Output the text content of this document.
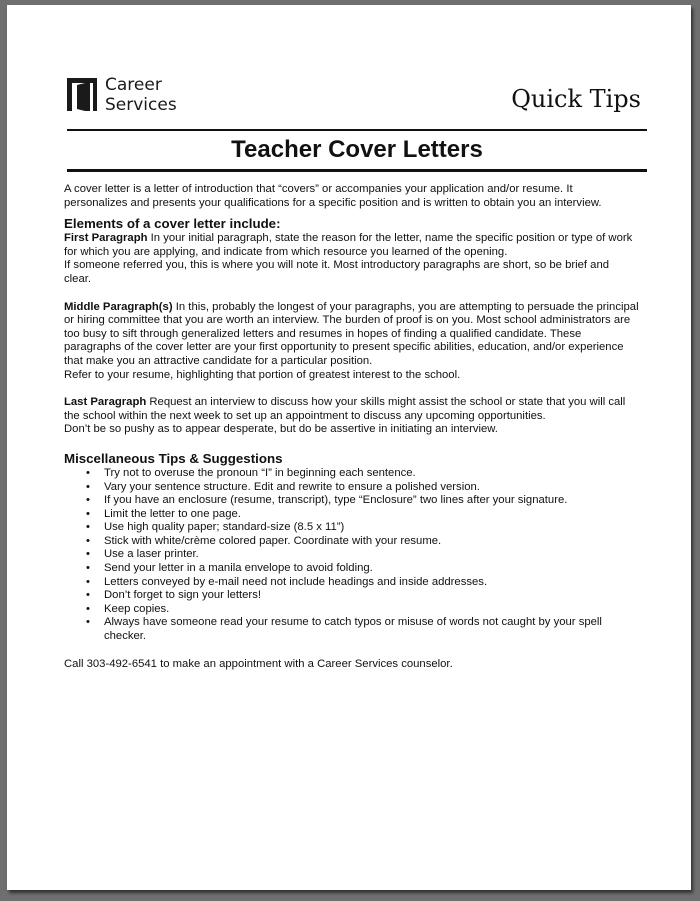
Career
Services	Quick Tips
Teacher Cover Letters

A cover letter is a letter of introduction that “covers” or accompanies your application and/or resume. It personalizes and presents your qualifications for a specific position and is written to obtain you an interview.

Elements of a cover letter include:

First Paragraph In your initial paragraph, state the reason for the letter, name the specific position or type of work for which you are applying, and indicate from which resource you learned of the opening.

If someone referred you, this is where you will note it. Most introductory paragraphs are short, so be brief and clear.

Middle Paragraph(s) In this, probably the longest of your paragraphs, you are attempting to persuade the principal or hiring committee that you are worth an interview. The burden of proof is on you. Most school administrators are too busy to sift through generalized letters and resumes in hopes of finding a qualified candidate. These paragraphs of the cover letter are your first opportunity to present specific abilities, education, and/or experience that make you an attractive candidate for a particular position.

Refer to your resume, highlighting that portion of greatest interest to the school.

Last Paragraph Request an interview to discuss how your skills might assist the school or state that you will call the school within the next week to set up an appointment to discuss any upcoming opportunities.

Don’t be so pushy as to appear desperate, but do be assertive in initiating an interview.

Miscellaneous Tips & Suggestions
• Try not to overuse the pronoun “I” in beginning each sentence.
• Vary your sentence structure. Edit and rewrite to ensure a polished version.
• If you have an enclosure (resume, transcript), type “Enclosure” two lines after your signature.
• Limit the letter to one page.
• Use high quality paper; standard-size (8.5 x 11”)
• Stick with white/crème colored paper. Coordinate with your resume.
• Use a laser printer.
• Send your letter in a manila envelope to avoid folding.
• Letters conveyed by e-mail need not include headings and inside addresses.
• Don’t forget to sign your letters!
• Keep copies.
• Always have someone read your resume to catch typos or misuse of words not caught by your spell checker.

Call 303-492-6541 to make an appointment with a Career Services counselor.
